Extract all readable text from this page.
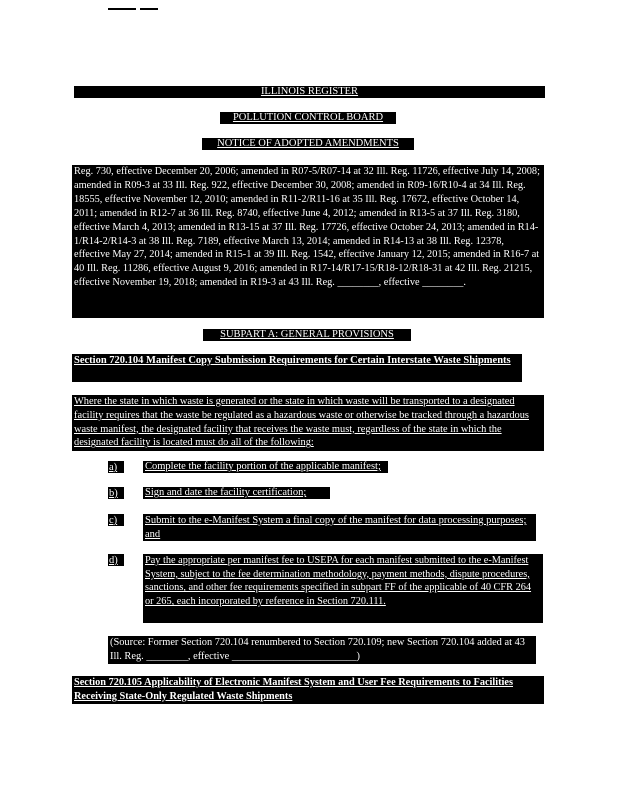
ILLINOIS REGISTER
POLLUTION CONTROL BOARD
NOTICE OF ADOPTED AMENDMENTS
Reg. 730, effective December 20, 2006; amended in R07-5/R07-14 at 32 Ill. Reg. 11726, effective July 14, 2008; amended in R09-3 at 33 Ill. Reg. 922, effective December 30, 2008; amended in R09-16/R10-4 at 34 Ill. Reg. 18555, effective November 12, 2010; amended in R11-2/R11-16 at 35 Ill. Reg. 17672, effective October 14, 2011; amended in R12-7 at 36 Ill. Reg. 8740, effective June 4, 2012; amended in R13-5 at 37 Ill. Reg. 3180, effective March 4, 2013; amended in R13-15 at 37 Ill. Reg. 17726, effective October 24, 2013; amended in R14-1/R14-2/R14-3 at 38 Ill. Reg. 7189, effective March 13, 2014; amended in R14-13 at 38 Ill. Reg. 12378, effective May 27, 2014; amended in R15-1 at 39 Ill. Reg. 1542, effective January 12, 2015; amended in R16-7 at 40 Ill. Reg. 11286, effective August 9, 2016; amended in R17-14/R17-15/R18-12/R18-31 at 42 Ill. Reg. 21215, effective November 19, 2018; amended in R19-3 at 43 Ill. Reg. ________, effective ________.
SUBPART A: GENERAL PROVISIONS
Section 720.104 Manifest Copy Submission Requirements for Certain Interstate Waste Shipments
Where the state in which waste is generated or the state in which waste will be transported to a designated facility requires that the waste be regulated as a hazardous waste or otherwise be tracked through a hazardous waste manifest, the designated facility that receives the waste must, regardless of the state in which the designated facility is located must do all of the following:
a)	Complete the facility portion of the applicable manifest;
b)	Sign and date the facility certification;
c)	Submit to the e-Manifest System a final copy of the manifest for data processing purposes; and
d)	Pay the appropriate per manifest fee to USEPA for each manifest submitted to the e-Manifest System, subject to the fee determination methodology, payment methods, dispute procedures, sanctions, and other fee requirements specified in subpart FF of the applicable of 40 CFR 264 or 265, each incorporated by reference in Section 720.111.
(Source: Former Section 720.104 renumbered to Section 720.109; new Section 720.104 added at 43 Ill. Reg. ________, effective ________________________)
Section 720.105 Applicability of Electronic Manifest System and User Fee Requirements to Facilities Receiving State-Only Regulated Waste Shipments
